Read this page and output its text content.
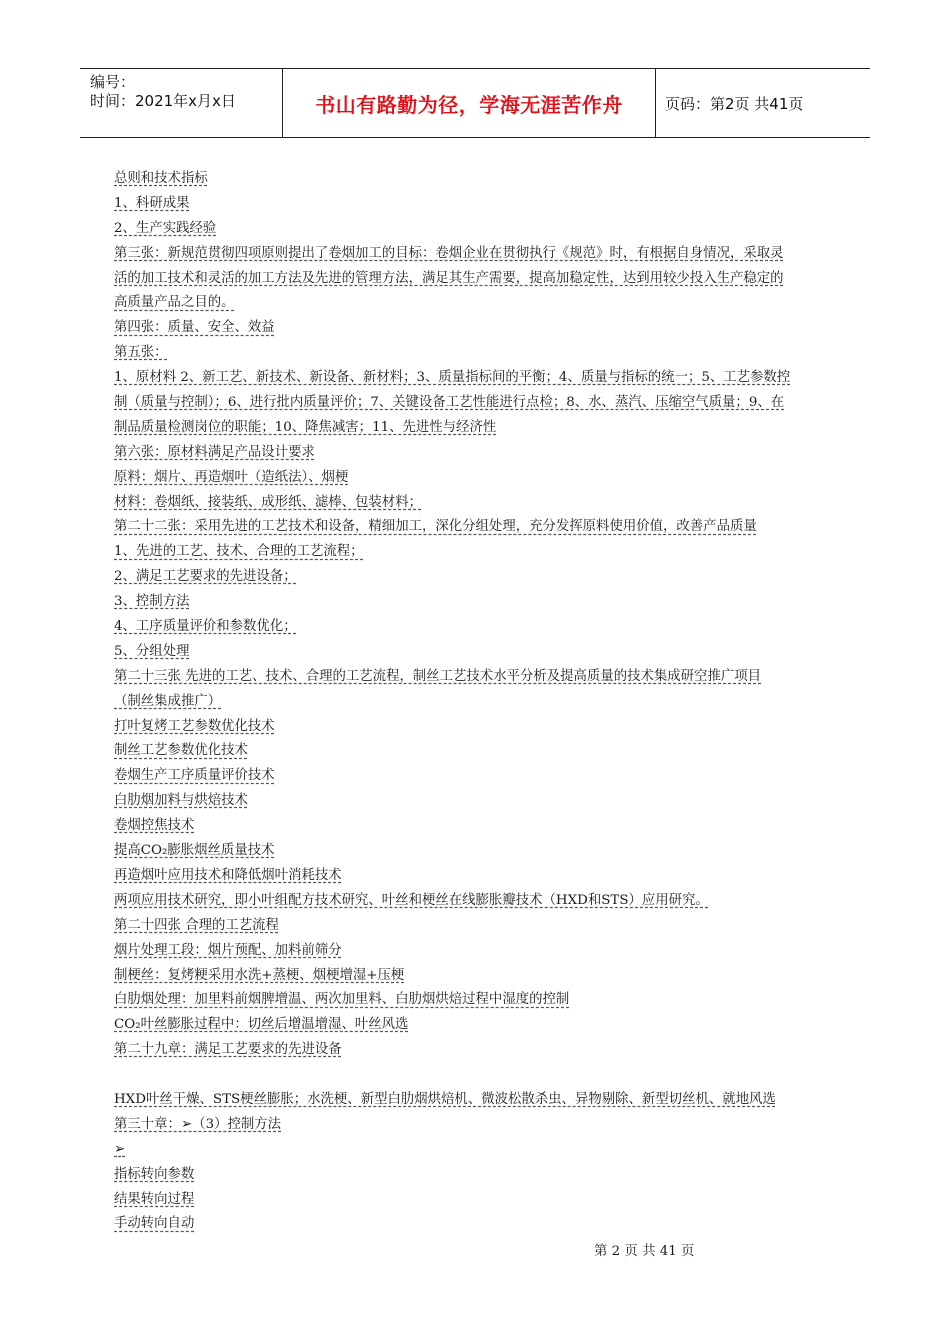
编号：
时间：2021年x月x日	书山有路勤为径，学海无涯苦作舟	页码：第2页 共41页
总则和技术指标
1、科研成果
2、生产实践经验
第三张：新规范贯彻四项原则提出了卷烟加工的目标：卷烟企业在贯彻执行《规范》时，有根据自身情况，采取灵
活的加工技术和灵活的加工方法及先进的管理方法，满足其生产需要，提高加稳定性，达到用较少投入生产稳定的
高质量产品之目的。
第四张：质量、安全、效益
第五张：
1、原材料 2、新工艺、新技术、新设备、新材料；3、质量指标间的平衡；4、质量与指标的统一；5、工艺参数控
制（质量与控制）；6、进行批内质量评价；7、关键设备工艺性能进行点检；8、水、蒸汽、压缩空气质量；9、在
制品质量检测岗位的职能；10、降焦减害；11、先进性与经济性
第六张：原材料满足产品设计要求
原料：烟片、再造烟叶（造纸法）、烟梗
材料：卷烟纸、接装纸、成形纸、滤棒、包装材料；
第二十二张：采用先进的工艺技术和设备，精细加工，深化分组处理，充分发挥原料使用价值，改善产品质量
1、先进的工艺、技术、合理的工艺流程；
2、满足工艺要求的先进设备；
3、控制方法
4、工序质量评价和参数优化；
5、分组处理
第二十三张 先进的工艺、技术、合理的工艺流程，制丝工艺技术水平分析及提高质量的技术集成研空推广项目
（制丝集成推广）
打叶复烤工艺参数优化技术
制丝工艺参数优化技术
卷烟生产工序质量评价技术
白肋烟加料与烘焙技术
卷烟控焦技术
提高CO₂膨胀烟丝质量技术
再造烟叶应用技术和降低烟叶消耗技术
两项应用技术研究，即小叶组配方技术研究、叶丝和梗丝在线膨胀瓣技术（HXD和STS）应用研究。
第二十四张 合理的工艺流程
烟片处理工段：烟片预配、加料前筛分
制梗丝：复烤粳采用水洗+蒸梗、烟梗增湿+压梗
白肋烟处理：加里料前烟脾增温、两次加里料、白肋烟烘焙过程中湿度的控制
CO₂叶丝膨胀过程中：切丝后增温增湿、叶丝风选
第二十九章：满足工艺要求的先进设备
HXD叶丝干燥、STS梗丝膨胀；水洗梗、新型白肋烟烘焙机、微波松散杀虫、异物剔除、新型切丝机、就地风选
第三十章：➢（3）控制方法
➢
指标转向参数
结果转向过程
手动转向自动
第 2 页 共 41 页
